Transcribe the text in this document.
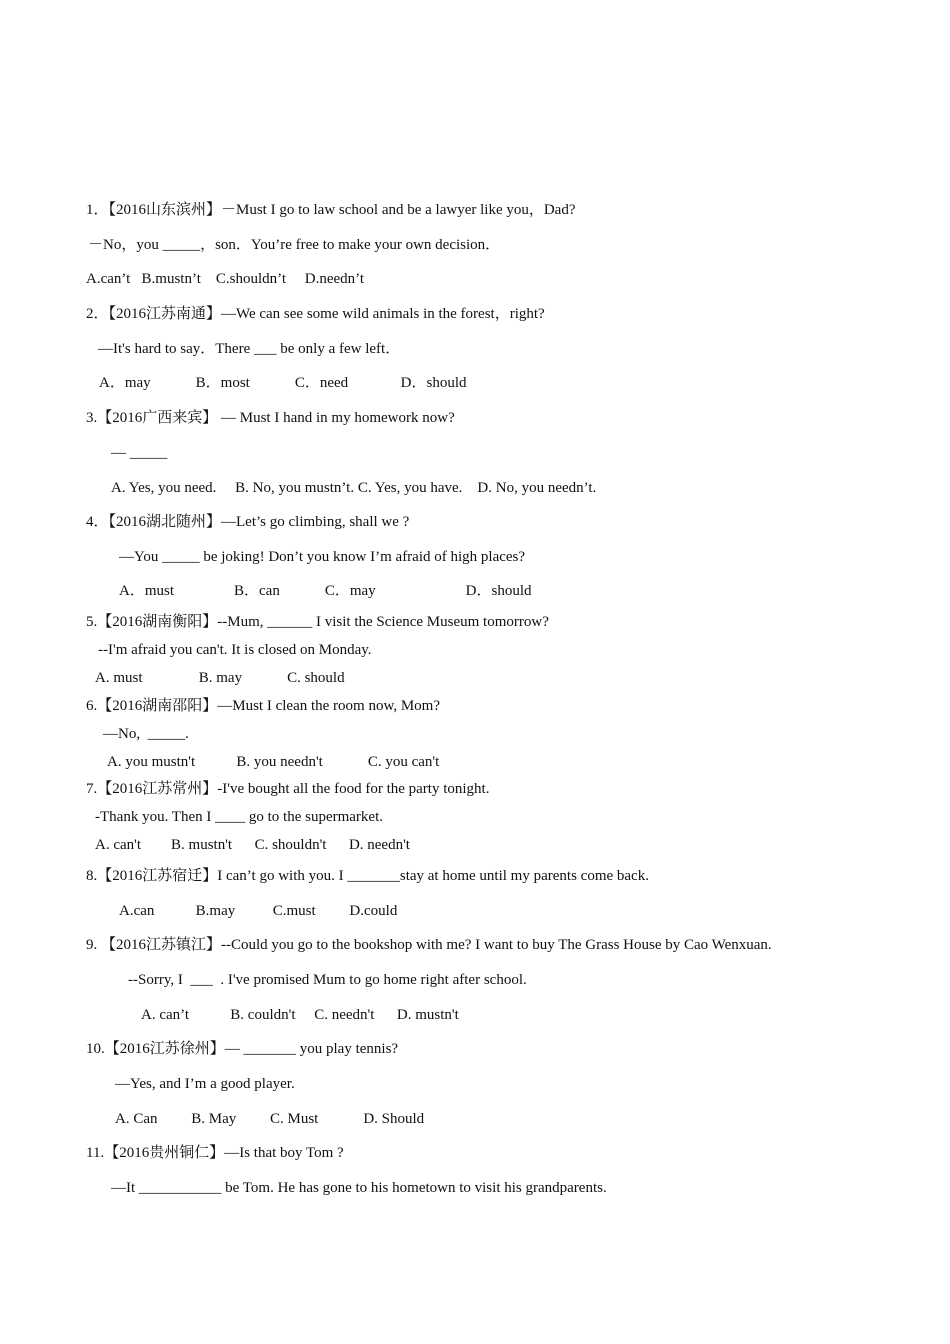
1．【2016山东滨州】－Must I go to law school and be a lawyer like you，Dad?
－No，you _____，son．You’re free to make your own decision．
A.can’t   B.mustn’t    C.shouldn’t     D.needn’t
2．【2016江苏南通】—We can see some wild animals in the forest，right?
—It's hard to say．There ___ be only a few left．
A．may            B．most            C．need              D．should
3.【2016广西来宾】 — Must I hand in my homework now?
— _____
A. Yes, you need.     B. No, you mustn’t. C. Yes, you have.    D. No, you needn’t.
4．【2016湖北随州】—Let’s go climbing, shall we ?
—You _____ be joking! Don’t you know I’m afraid of high places?
A．must                B．can            C．may                        D．should
5.【2016湖南衡阳】--Mum, ______ I visit the Science Museum tomorrow?
--I'm afraid you can't. It is closed on Monday.
A. must               B. may            C. should
6.【2016湖南邵阳】—Must I clean the room now, Mom?
—No,  _____.
A. you mustn't           B. you needn't            C. you can't
7.【2016江苏常州】-I've bought all the food for the party tonight.
-Thank you. Then I ____ go to the supermarket.
A. can't        B. mustn't      C. shouldn't      D. needn't
8.【2016江苏宿迁】I can’t go with you. I _______stay at home until my parents come back.
A.can           B.may          C.must         D.could
9. 【2016江苏镇江】--Could you go to the bookshop with me? I want to buy The Grass House by Cao Wenxuan.
--Sorry, I  ___  . I've promised Mum to go home right after school.
A. can’t           B. couldn't     C. needn't      D. mustn't
10.【2016江苏徐州】— _______ you play tennis?
—Yes, and I’m a good player.
A. Can         B. May         C. Must            D. Should
11.【2016贵州铜仁】—Is that boy Tom ?
—It ___________ be Tom. He has gone to his hometown to visit his grandparents.
